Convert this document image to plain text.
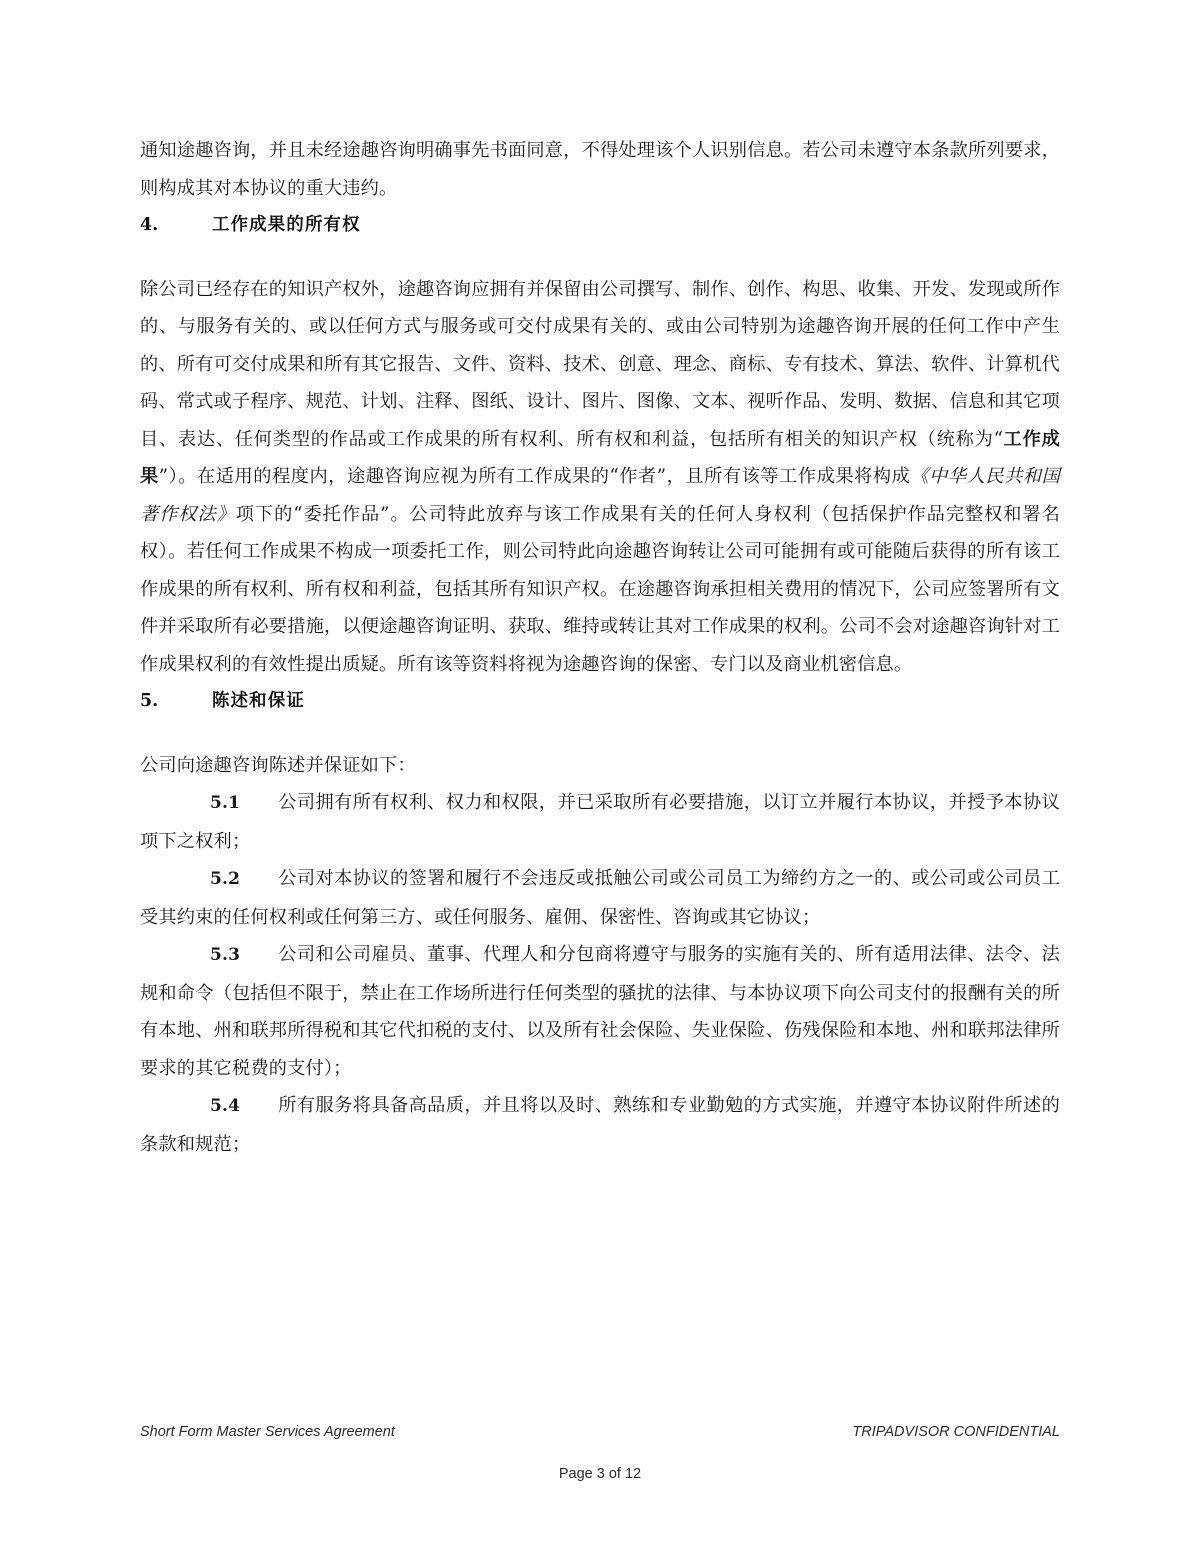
通知途趣咨询，并且未经途趣咨询明确事先书面同意，不得处理该个人识别信息。若公司未遵守本条款所列要求，则构成其对本协议的重大违约。

4.	工作成果的所有权

除公司已经存在的知识产权外，途趣咨询应拥有并保留由公司撰写、制作、创作、构思、收集、开发、发现或所作的、与服务有关的、或以任何方式与服务或可交付成果有关的、或由公司特别为途趣咨询开展的任何工作中产生的、所有可交付成果和所有其它报告、文件、资料、技术、创意、理念、商标、专有技术、算法、软件、计算机代码、常式或子程序、规范、计划、注释、图纸、设计、图片、图像、文本、视听作品、发明、数据、信息和其它项目、表达、任何类型的作品或工作成果的所有权利、所有权和利益，包括所有相关的知识产权（统称为“工作成果”）。在适用的程度内，途趣咨询应视为所有工作成果的“作者”，且所有该等工作成果将构成《中华人民共和国著作权法》项下的“委托作品”。公司特此放弃与该工作成果有关的任何人身权利（包括保护作品完整权和署名权）。若任何工作成果不构成一项委托工作，则公司特此向途趣咨询转让公司可能拥有或可能随后获得的所有该工作成果的所有权利、所有权和利益，包括其所有知识产权。在途趣咨询承担相关费用的情况下，公司应签署所有文件并采取所有必要措施，以便途趣咨询证明、获取、维持或转让其对工作成果的权利。公司不会对途趣咨询针对工作成果权利的有效性提出质疑。所有该等资料将视为途趣咨询的保密、专门以及商业机密信息。

5.	陈述和保证

公司向途趣咨询陈述并保证如下：

5.1 公司拥有所有权利、权力和权限，并已采取所有必要措施，以订立并履行本协议，并授予本协议项下之权利；

5.2 公司对本协议的签署和履行不会违反或抵触公司或公司员工为缔约方之一的、或公司或公司员工受其约束的任何权利或任何第三方、或任何服务、雇佣、保密性、咨询或其它协议；

5.3 公司和公司雇员、董事、代理人和分包商将遵守与服务的实施有关的、所有适用法律、法令、法规和命令（包括但不限于，禁止在工作场所进行任何类型的骚扰的法律、与本协议项下向公司支付的报酬有关的所有本地、州和联邦所得税和其它代扣税的支付、以及所有社会保险、失业保险、伤残保险和本地、州和联邦法律所要求的其它税费的支付）；

5.4 所有服务将具备高品质，并且将以及时、熟练和专业勤勉的方式实施，并遵守本协议附件所述的条款和规范；

Short Form Master Services Agreement	TRIPADVISOR CONFIDENTIAL
Page 3 of 12
